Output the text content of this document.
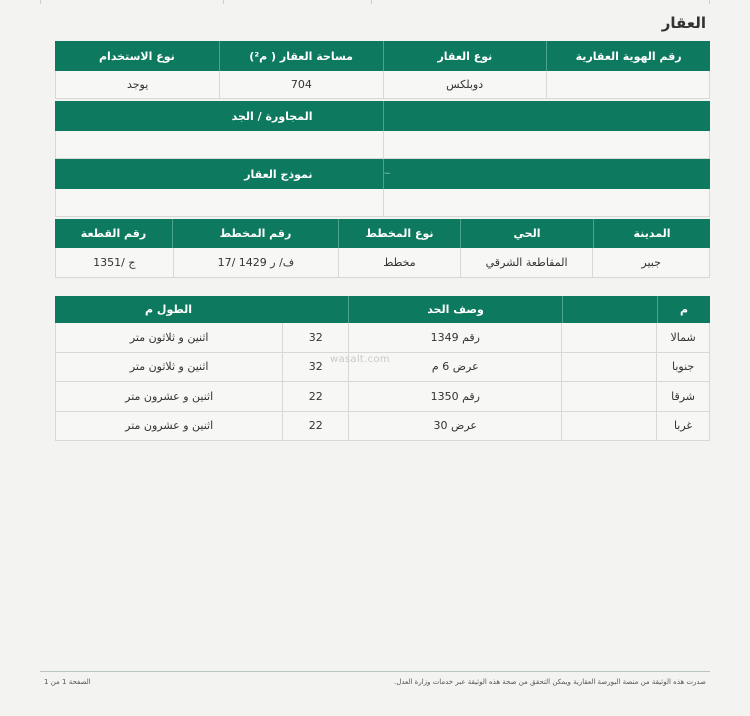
العقار
رقم الهوية العقارية
نوع العقار
مساحة العقار ( م²)
نوع الاستخدام
دوبلكس
704
يوجد
المجاورة / الجد
~
نموذج العقار
المدينة
الحي
نوع المخطط
رقم المخطط
رقم القطعة
جبير
المقاطعة الشرقي
مخطط
ف/ ر 1429 /17
ج /1351
م
وصف الحد
الطول م
شمالا
رقم 1349
32
اثنين و ثلاثون متر
جنوبا
عرض 6 م
32
اثنين و ثلاثون متر
شرقا
رقم 1350
22
اثنين و عشرون متر
غربا
عرض 30
22
اثنين و عشرون متر
wasalt.com
صدرت هذه الوثيقة من منصة البورصة العقارية ويمكن التحقق من صحة هذه الوثيقة عبر خدمات وزارة العدل.
الصفحة 1 من 1
